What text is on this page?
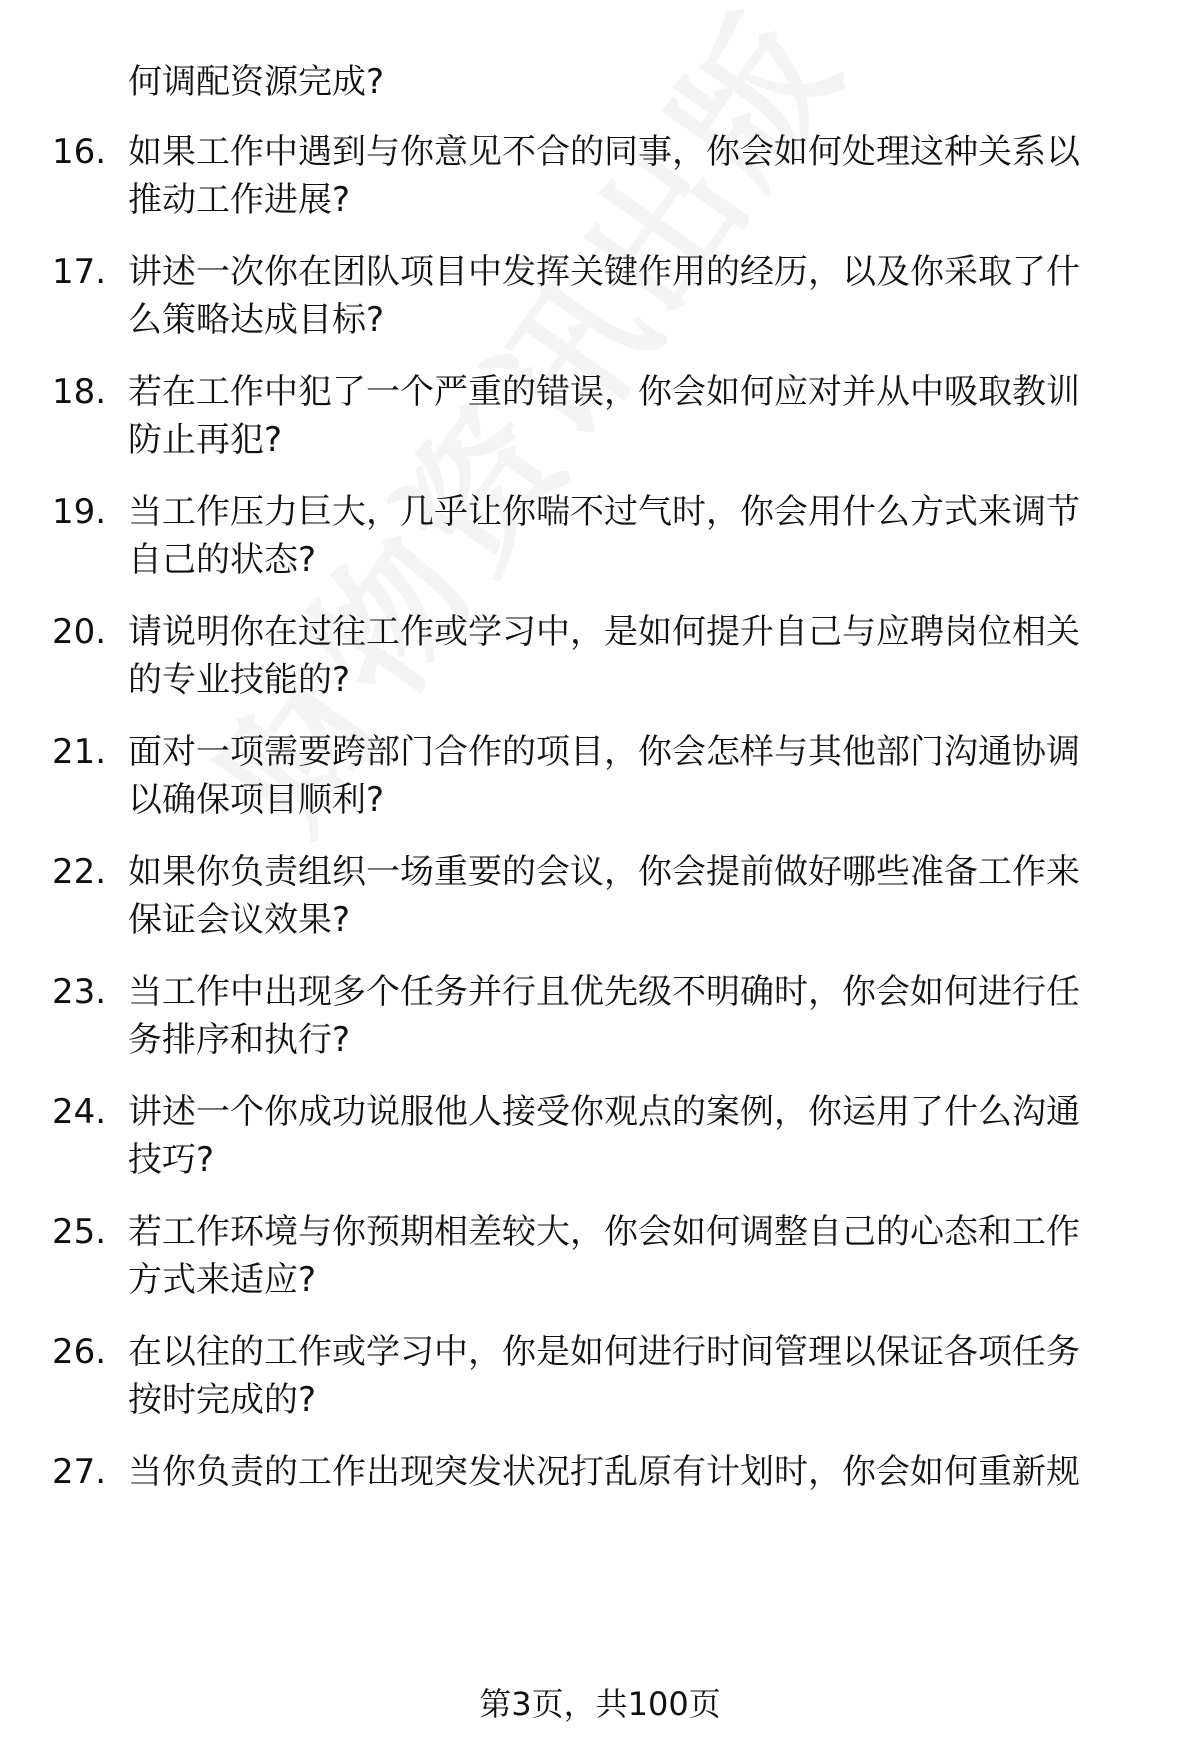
何调配资源完成?
16. 如果工作中遇到与你意见不合的同事，你会如何处理这种关系以
推动工作进展?
17. 讲述一次你在团队项目中发挥关键作用的经历，以及你采取了什
么策略达成目标?
18. 若在工作中犯了一个严重的错误，你会如何应对并从中吸取教训
防止再犯?
19. 当工作压力巨大，几乎让你喘不过气时，你会用什么方式来调节
自己的状态?
20. 请说明你在过往工作或学习中，是如何提升自己与应聘岗位相关
的专业技能的?
21. 面对一项需要跨部门合作的项目，你会怎样与其他部门沟通协调
以确保项目顺利?
22. 如果你负责组织一场重要的会议，你会提前做好哪些准备工作来
保证会议效果?
23. 当工作中出现多个任务并行且优先级不明确时，你会如何进行任
务排序和执行?
24. 讲述一个你成功说服他人接受你观点的案例，你运用了什么沟通
技巧?
25. 若工作环境与你预期相差较大，你会如何调整自己的心态和工作
方式来适应?
26. 在以往的工作或学习中，你是如何进行时间管理以保证各项任务
按时完成的?
27. 当你负责的工作出现突发状况打乱原有计划时，你会如何重新规
第3页，共100页
